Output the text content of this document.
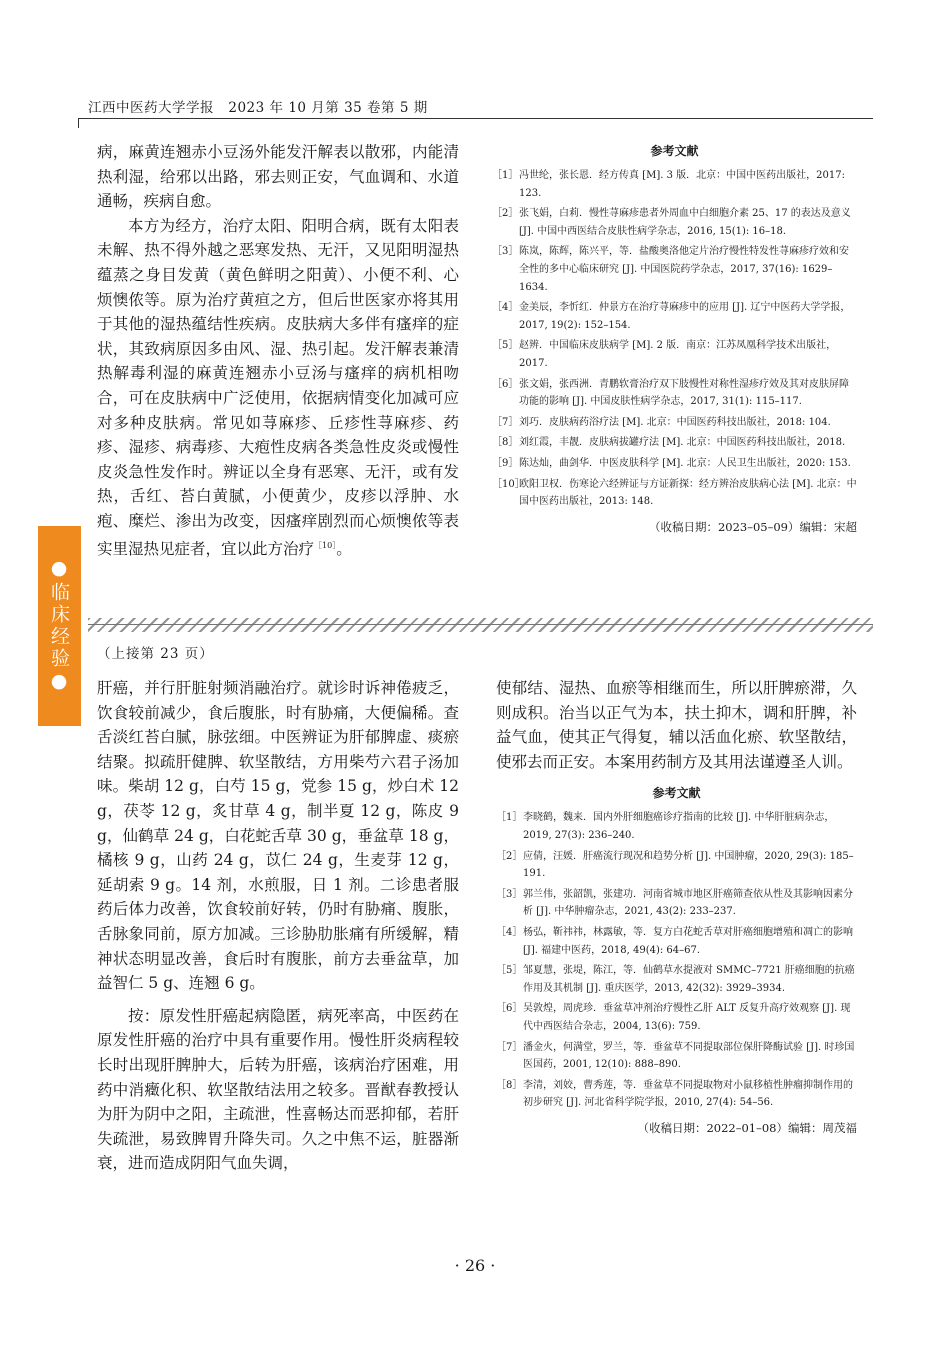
江西中医药大学学报 2023 年 10 月第 35 卷第 5 期
●临床经验●

病，麻黄连翘赤小豆汤外能发汗解表以散邪，内能清热利湿，给邪以出路，邪去则正安，气血调和、水道通畅，疾病自愈。

本方为经方，治疗太阳、阳明合病，既有太阳表未解、热不得外越之恶寒发热、无汗，又见阳明湿热蕴蒸之身目发黄（黄色鲜明之阳黄）、小便不利、心烦懊侬等。原为治疗黄疸之方，但后世医家亦将其用于其他的湿热蕴结性疾病。皮肤病大多伴有瘙痒的症状，其致病原因多由风、湿、热引起。发汗解表兼清热解毒利湿的麻黄连翘赤小豆汤与瘙痒的病机相吻合，可在皮肤病中广泛使用，依据病情变化加减可应对多种皮肤病。常见如荨麻疹、丘疹性荨麻疹、药疹、湿疹、病毒疹、大疱性皮病各类急性皮炎或慢性皮炎急性发作时。辨证以全身有恶寒、无汗，或有发热，舌红、苔白黄腻，小便黄少，皮疹以浮肿、水疱、糜烂、渗出为改变，因瘙痒剧烈而心烦懊侬等表实里湿热见症者，宜以此方治疗$^{[10]}$。

参考文献
［1］ 冯世纶，张长恩．经方传真 [M]. 3 版．北京：中国中医药出版社，2017: 123.
［2］ 张飞娟，白莉．慢性荨麻疹患者外周血中白细胞介素 25、17 的表达及意义 [J]. 中国中西医结合皮肤性病学杂志，2016, 15(1): 16–18.
［3］ 陈岚，陈辉，陈兴平，等．盐酸奥洛他定片治疗慢性特发性荨麻疹疗效和安全性的多中心临床研究 [J]. 中国医院药学杂志，2017, 37(16): 1629–1634.
［4］ 金美辰，李忻红．仲景方在治疗荨麻疹中的应用 [J]. 辽宁中医药大学学报，2017, 19(2): 152–154.
［5］ 赵辨．中国临床皮肤病学 [M]. 2 版．南京：江苏凤凰科学技术出版社，2017.
［6］ 张文娟，张西洲．青鹏软膏治疗双下肢慢性对称性湿疹疗效及其对皮肤屏障功能的影响 [J]. 中国皮肤性病学杂志，2017, 31(1): 115–117.
［7］ 刘巧．皮肤病药浴疗法 [M]. 北京：中国医药科技出版社，2018: 104.
［8］ 刘红霞，丰靓．皮肤病拔罐疗法 [M]. 北京：中国医药科技出版社，2018.
［9］ 陈达灿，曲剑华．中医皮肤科学 [M]. 北京：人民卫生出版社，2020: 153.
［10］
欧阳卫权．伤寒论六经辨证与方证新探：经方辨治皮肤病心法 [M]. 北京：中国中医药出版社，2013: 148.
（收稿日期：2023–05–09）编辑：宋超
（上接第 23 页）

肝癌，并行肝脏射频消融治疗。就诊时诉神倦疲乏，饮食较前减少，食后腹胀，时有胁痛，大便偏稀。查舌淡红苔白腻，脉弦细。中医辨证为肝郁脾虚、痰瘀结聚。拟疏肝健脾、软坚散结，方用柴芍六君子汤加味。柴胡 12 g，白芍 15 g，党参 15 g，炒白术 12 g，茯苓 12 g，炙甘草 4 g，制半夏 12 g，陈皮 9 g，仙鹤草 24 g，白花蛇舌草 30 g，垂盆草 18 g，橘核 9 g，山药 24 g，苡仁 24 g，生麦芽 12 g，延胡索 9 g。14 剂，水煎服，日 1 剂。二诊患者服药后体力改善，饮食较前好转，仍时有胁痛、腹胀，舌脉象同前，原方加减。三诊胁肋胀痛有所缓解，精神状态明显改善，食后时有腹胀，前方去垂盆草，加益智仁 5 g、连翘 6 g。

按：原发性肝癌起病隐匿，病死率高，中医药在原发性肝癌的治疗中具有重要作用。慢性肝炎病程较长时出现肝脾肿大，后转为肝癌，该病治疗困难，用药中消癥化积、软坚散结法用之较多。晋猷春教授认为肝为阴中之阳，主疏泄，性喜畅达而恶抑郁，若肝失疏泄，易致脾胃升降失司。久之中焦不运，脏器渐衰，进而造成阴阳气血失调，

使郁结、湿热、血瘀等相继而生，所以肝脾瘀滞，久则成积。治当以正气为本，扶土抑木，调和肝脾，补益气血，使其正气得复，辅以活血化瘀、软坚散结，使邪去而正安。本案用药制方及其用法谨遵圣人训。

参考文献
［1］ 李晓鹤，魏来．国内外肝细胞癌诊疗指南的比较 [J]. 中华肝脏病杂志，2019, 27(3): 236–240.
［2］ 应倩，汪媛．肝癌流行现况和趋势分析 [J]. 中国肿瘤，2020, 29(3): 185–191.
［3］ 郭兰伟，张韶凯，张建功．河南省城市地区肝癌筛查依从性及其影响因素分析 [J]. 中华肿瘤杂志，2021, 43(2): 233–237.
［4］ 杨弘，靳祎祎，林露敏，等．复方白花蛇舌草对肝癌细胞增殖和凋亡的影响 [J]. 福建中医药，2018, 49(4): 64–67.
［5］ 邹夏慧，张堤，陈江，等．仙鹤草水提液对 SMMC–7721 肝癌细胞的抗癌作用及其机制 [J]. 重庆医学，2013, 42(32): 3929–3934.
［6］ 吴敦煌，周虎珍．垂盆草冲剂治疗慢性乙肝 ALT 反复升高疗效观察 [J]. 现代中西医结合杂志，2004, 13(6): 759.
［7］ 潘金火，何满堂，罗兰，等．垂盆草不同提取部位保肝降酶试验 [J]. 时珍国医国药，2001, 12(10): 888–890.
［8］ 李清，刘姣，曹秀莲，等．垂盆草不同提取物对小鼠移植性肿瘤抑制作用的初步研究 [J]. 河北省科学院学报，2010, 27(4): 54–56.
（收稿日期：2022–01–08）编辑：周茂福
· 26 ·
